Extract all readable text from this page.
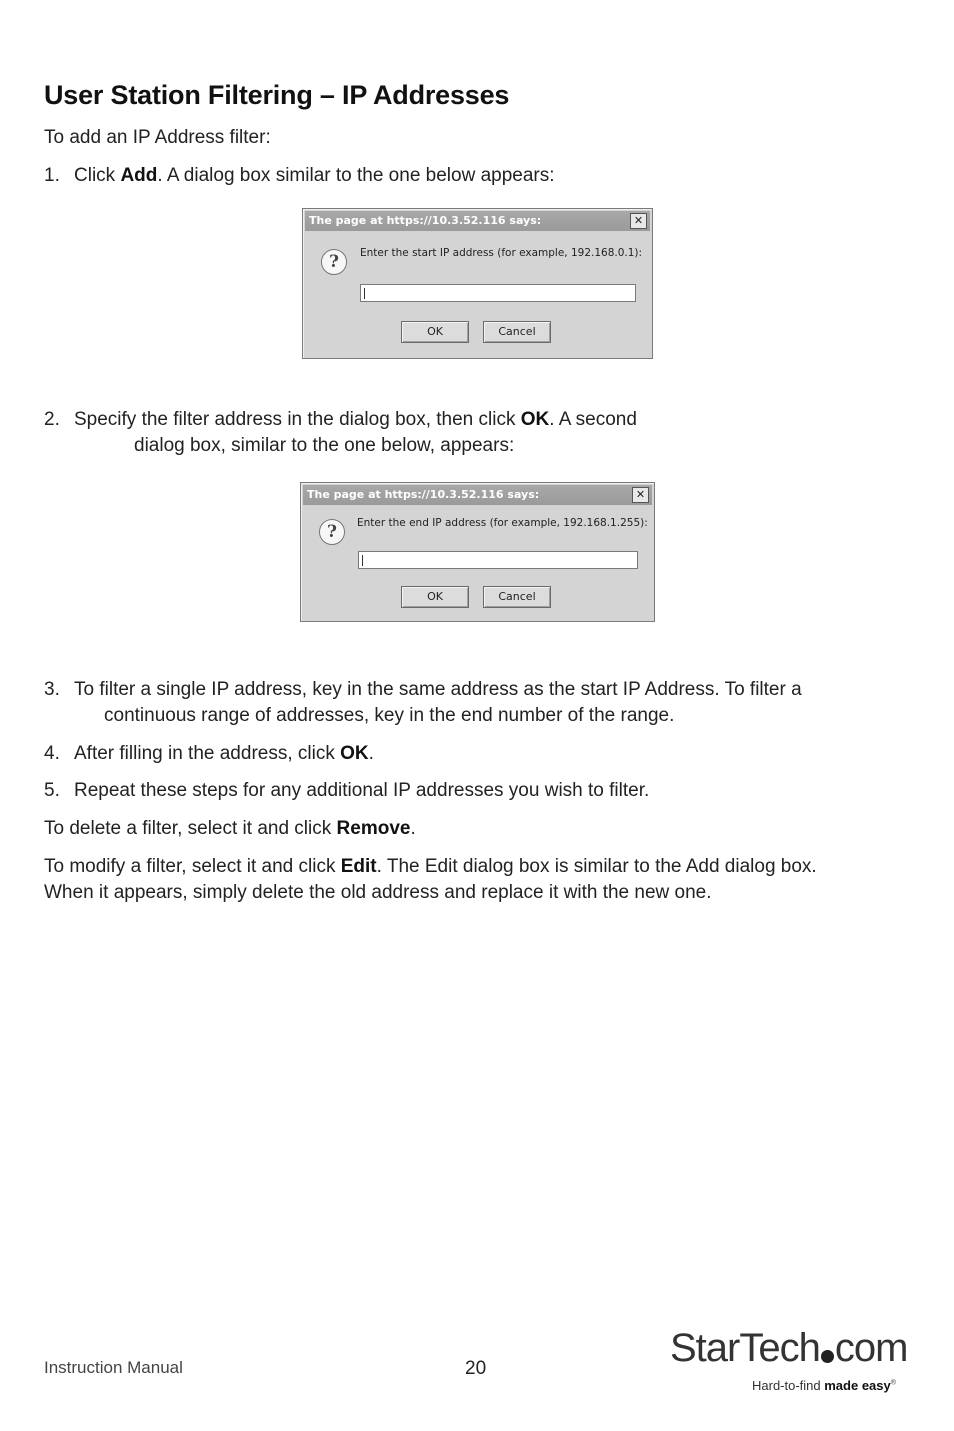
User Station Filtering – IP Addresses

To add an IP Address filter:

1. Click Add. A dialog box similar to the one below appears:

The page at https://10.3.52.116 says:	✕
?	Enter the start IP address (for example, 192.168.0.1):
OK	Cancel

2. Specify the filter address in the dialog box, then click OK. A second
dialog box, similar to the one below, appears:

The page at https://10.3.52.116 says:	✕
?	Enter the end IP address (for example, 192.168.1.255):
OK	Cancel

3. To filter a single IP address, key in the same address as the start IP Address. To filter a
continuous range of addresses, key in the end number of the range.

4. After filling in the address, click OK.

5. Repeat these steps for any additional IP addresses you wish to filter.

To delete a filter, select it and click Remove.

To modify a filter, select it and click Edit. The Edit dialog box is similar to the Add dialog box.
When it appears, simply delete the old address and replace it with the new one.

Instruction Manual	20	StarTech com
Hard-to-find made easy®
